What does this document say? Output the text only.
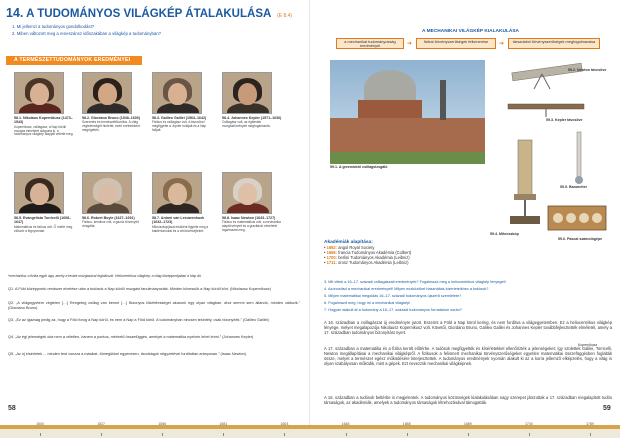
14. A TUDOMÁNYOS VILÁGKÉP ÁTALAKULÁSA (E 8.4)
1. Mi jellemzi a tudományos gondolkodást?
2. Miben változott meg a reneszánsz időszakában a világkép a tudományban?
A TERMÉSZETTUDOMÁNYOK EREDMÉNYEI
58.1. Nikolaus Kopernikusz (1473–1543)
Kopernikusz, csillagász, a Nap körüli mozgás elméletét dolgozta ki, a tudományos világkép alapjait vetette meg.
58.2. Giordano Bruno (1548–1600)
Szerzetes és természetfilozófus. A világ végtelenségét hirdette, ezért eretnekként megégették.
58.3. Galileo Galilei (1564–1642)
Fizikus és csillagász volt. A távcsővel megfigyelte a Jupiter holdjait és a Nap foltjait.
58.4. Johannes Kepler (1571–1630)
Csillagász volt, az égitestek mozgástörvényeit megfogalmazta.
58.5. Evangelista Torricelli (1608–1647)
Matematikus és fizikus volt. Ő mérte meg először a légnyomást.
58.6. Robert Boyle (1627–1691)
Fizikus, kémikus volt, a gázok törvényeit vizsgálta.
58.7. Antoni van Leeuwenhoek (1632–1723)
Mikroszkópjával elsőként figyelte meg a baktériumokat és a vörösvérsejteket.
58.8. Isaac Newton (1643–1727)
Fizikus és matematikus volt, a mechanika alaptörvényeit és a gravitáció elméletét fogalmazta meg.
*mechanika: a fizika egyik ága, amely a testek mozgásával foglalkozik. Heliocentrikus világkép: a világ középpontjában a Nap áll.
Q1. A Föld középpontú rendszer elvetése után a tudósok a Nap körüli mozgást tanulmányozták. Minden kövessük a Nap körüli kört. (Nikolausz Kopernikusz)
Q2. „A világegyetem végtelen […] Rengeteg csillag van benne […] Bizonyos tökéletességet akarunk egy olyan világban, ahol semmi sem állandó, minden változik.” (Giordano Bruno)
Q3. „Ez az igazság pedig az, hogy a Föld forog a Nap körül, és nem a Nap a Föld körül. A tudományban nincsen tekintély, csak bizonyíték.” (Galileo Galilei)
Q4. „Az égi jelenségek oka nem a véletlen, hanem a pontos, mérhető összefüggés, amelyet a matematika nyelvén lehet leírni.” (Johannes Kepler)
Q5. „Az új kísérletek ... minden test vonzza a másikat, tömegükkel egyenesen, távolságuk négyzetével fordítottan arányosan.” (Isaac Newton)
58
A MECHANIKAI VILÁGKÉP KIALAKULÁSA
a mechanikai tudományosság eredményei	➔	fizikai törvényszerűségek felismerése	➔	társadalmi törvényszerűségek megfogalmazása
59.1. A greenwichi csillagvizsgáló
59.2. Newton távcsöve
59.3. Kepler távcsöve
59.4. Mikroszkóp
59.5. Barométer
59.6. Pascal számológépe
Akadémiák alapítása:
• 1662: angol Royal Society
• 1666: francia Tudományos Akadémia (Colbert)
• 1700: berlini Tudományos Akadémia (Leibniz)
• 1711: orosz Tudományos Akadémia (Leibniz)
3. Mit vittek a 16–17. századi csillagászati eredmények? Fogalmazd meg a heliocentrikus világkép lényegét!
4. Azonosítsd a mechanikai eredményeit! Milyen eszközöket használtak kísérleteikhez a tudósok?
5. Milyen matematikai megoldás 16–17. századi tudományos újszerű szemlélete?
6. Fogalmazd meg, hogy mi a mechanikai világkép!
7. Hogyan alakult át a tudomány a 16–17. századi tudományos forradalom során?
A 16. században a csillagászat új eredményre jutott. Eszerint a Föld a Nap körül kering, és nem fordítva a világegyetemben. Ez a heliocentrikus világkép lényege, melyet megalapozója Nikolausz Kopernikusz volt. Követői, Giordano Bruno, Galileo Galilei és Johannes Kepler továbbfejlesztették elméletét, amely a 17. században tudományos bizonyítást nyert.
A 17. században a matematika és a fizika került előtérbe. A tudósok megfigyelték és kísérletekkel ellenőrizték a jelenségeket; így születtek Galilei, Torricelli, Newton megállapításai a mechanikai világképről. A fizikusok a felismert mechanikai törvényszerűségeket egyetlen matematikai összefüggésben foglalták össze, melyet a természet egész működésére kiterjesztettek. A tudományos eredmények nyomán alakult ki az a korra jellemző elképzelés, hogy a világ is olyan szabályosan működik, mint a gépek. Ezt nevezzük mechanikai világképnek.
A 16. században a tudósok beltérbe is megjelentek. A tudományos közösségek kialakulásában nagy szerepet játszottak a 17. században megalapított tudós társaságok, az akadémiák, amelyek a tudományos társaságok létrehozásával támogatták.
Kopernikusz
59
1500	1527	1556	1581	1603	1648	1658	1689	1700	1789
